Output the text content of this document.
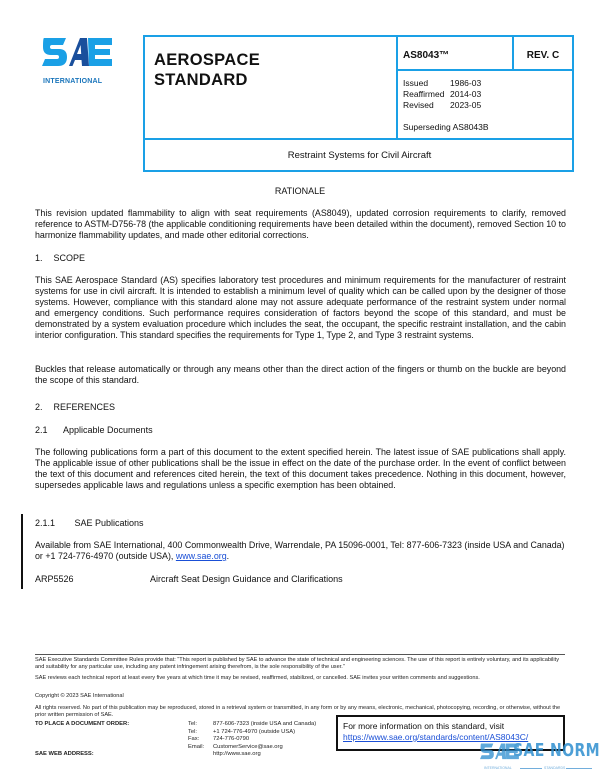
INTERNATIONAL
AEROSPACE
STANDARD
AS8043™	REV. C
Issued	1986-03
Reaffirmed 2014-03
Revised	2023-05
Superseding AS8043B
Restraint Systems for Civil Aircraft
RATIONALE
This revision updated flammability to align with seat requirements (AS8049), updated corrosion requirements to clarify, removed reference to ASTM-D756-78 (the applicable conditioning requirements have been detailed within the document), removed Section 10 to harmonize flammability updates, and made other editorial corrections.
1. SCOPE
This SAE Aerospace Standard (AS) specifies laboratory test procedures and minimum requirements for the manufacturer of restraint systems for use in civil aircraft. It is intended to establish a minimum level of quality which can be called upon by the designer of those systems. However, compliance with this standard alone may not assure adequate performance of the restraint system under normal and emergency conditions. Such performance requires consideration of factors beyond the scope of this standard, and must be demonstrated by a system evaluation procedure which includes the seat, the occupant, the specific restraint installation, and the cabin interior configuration. This standard specifies the requirements for Type 1, Type 2, and Type 3 restraint systems.
Buckles that release automatically or through any means other than the direct action of the fingers or thumb on the buckle are beyond the scope of this standard.
2. REFERENCES
2.1 Applicable Documents
The following publications form a part of this document to the extent specified herein. The latest issue of SAE publications shall apply. The applicable issue of other publications shall be the issue in effect on the date of the purchase order. In the event of conflict between the text of this document and references cited herein, the text of this document takes precedence. Nothing in this document, however, supersedes applicable laws and regulations unless a specific exemption has been obtained.
2.1.1 SAE Publications
Available from SAE International, 400 Commonwealth Drive, Warrendale, PA 15096-0001, Tel: 877-606-7323 (inside USA and Canada) or +1 724-776-4970 (outside USA), www.sae.org.
ARP5526	Aircraft Seat Design Guidance and Clarifications
SAE Executive Standards Committee Rules provide that: “This report is published by SAE to advance the state of technical and engineering sciences. The use of this report is entirely voluntary, and its applicability and suitability for any particular use, including any patent infringement arising therefrom, is the sole responsibility of the user.”
SAE reviews each technical report at least every five years at which time it may be revised, reaffirmed, stabilized, or cancelled. SAE invites your written comments and suggestions.
Copyright © 2023 SAE International
All rights reserved. No part of this publication may be reproduced, stored in a retrieval system or transmitted, in any form or by any means, electronic, mechanical, photocopying, recording, or otherwise, without the prior written permission of SAE.
TO PLACE A DOCUMENT ORDER:	Tel:	877-606-7323 (inside USA and Canada)
Tel:	+1 724-776-4970 (outside USA)
Fax:	724-776-0790
Email:	CustomerService@sae.org
SAE WEB ADDRESS:	http://www.sae.org
For more information on this standard, visit
https://www.sae.org/standards/content/AS8043C/
SAE NORM
INTERNATIONAL	STANDARDS
